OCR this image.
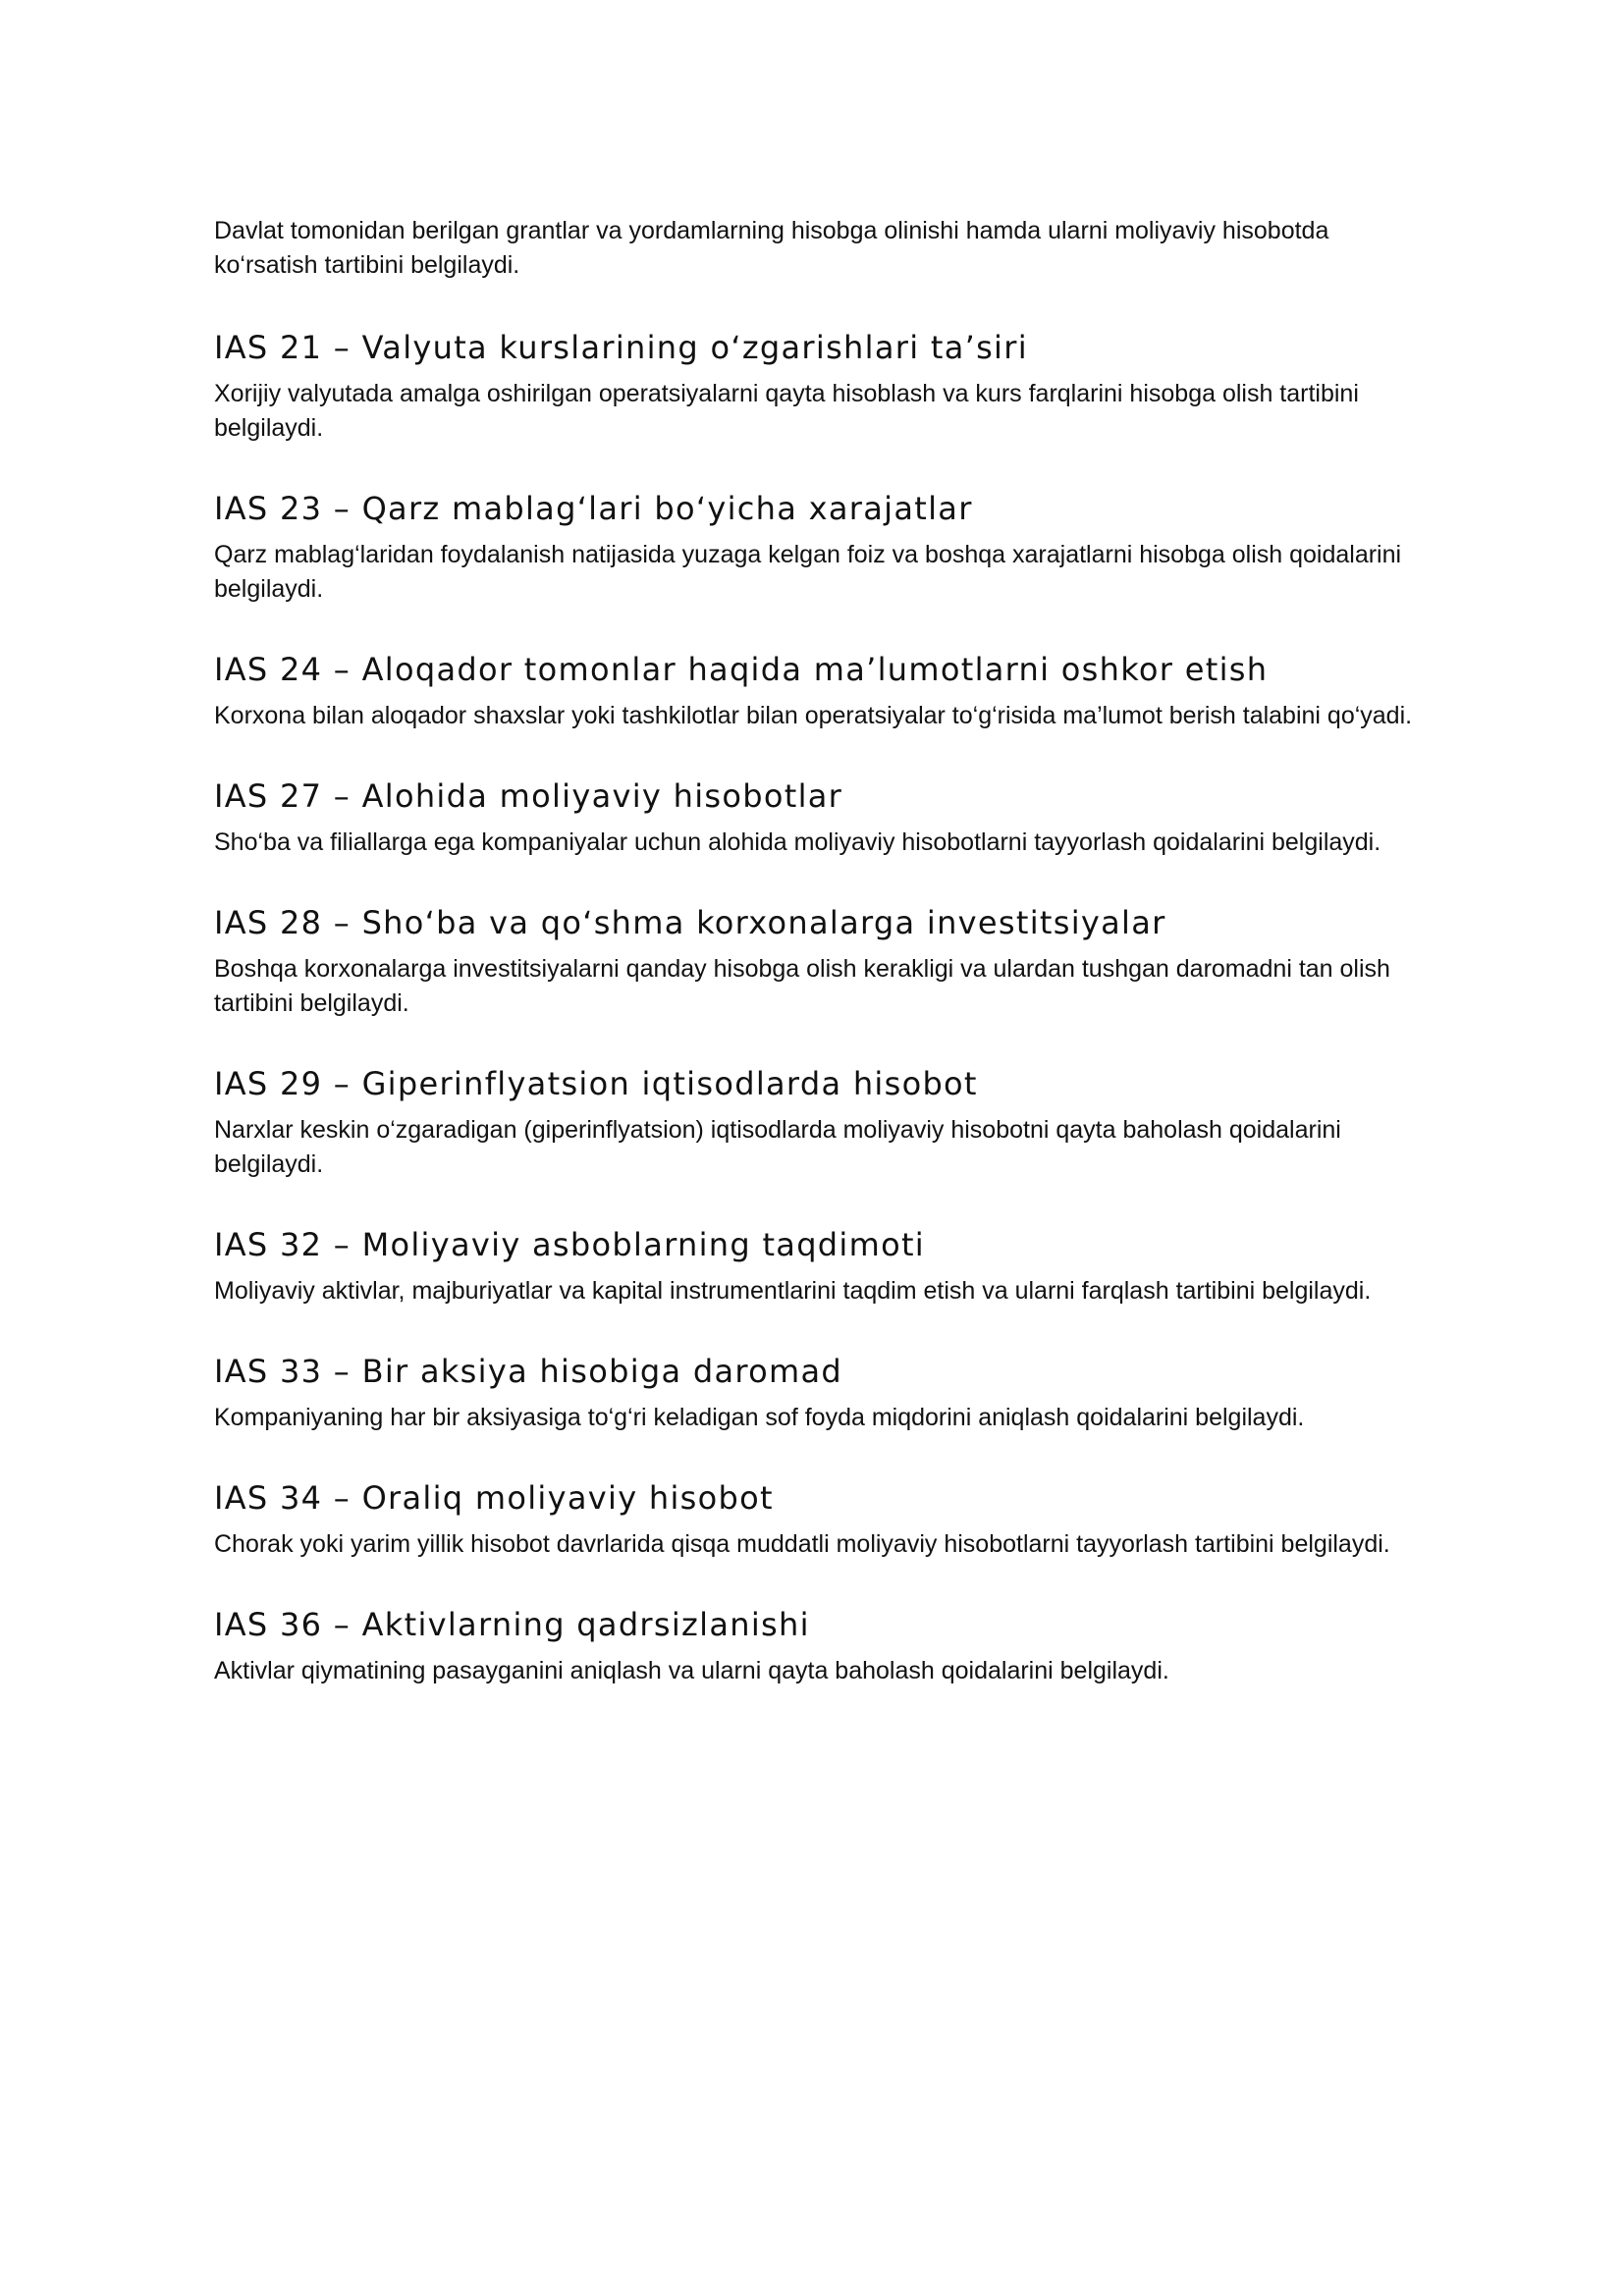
Davlat tomonidan berilgan grantlar va yordamlarning hisobga olinishi hamda ularni moliyaviy hisobotda ko‘rsatish tartibini belgilaydi.

IAS 21 – Valyuta kurslarining o‘zgarishlari ta’siri

Xorijiy valyutada amalga oshirilgan operatsiyalarni qayta hisoblash va kurs farqlarini hisobga olish tartibini belgilaydi.

IAS 23 – Qarz mablag‘lari bo‘yicha xarajatlar

Qarz mablag‘laridan foydalanish natijasida yuzaga kelgan foiz va boshqa xarajatlarni hisobga olish qoidalarini belgilaydi.

IAS 24 – Aloqador tomonlar haqida ma’lumotlarni oshkor etish

Korxona bilan aloqador shaxslar yoki tashkilotlar bilan operatsiyalar to‘g‘risida ma’lumot berish talabini qo‘yadi.

IAS 27 – Alohida moliyaviy hisobotlar

Sho‘ba va filiallarga ega kompaniyalar uchun alohida moliyaviy hisobotlarni tayyorlash qoidalarini belgilaydi.

IAS 28 – Sho‘ba va qo‘shma korxonalarga investitsiyalar

Boshqa korxonalarga investitsiyalarni qanday hisobga olish kerakligi va ulardan tushgan daromadni tan olish tartibini belgilaydi.

IAS 29 – Giperinflyatsion iqtisodlarda hisobot

Narxlar keskin o‘zgaradigan (giperinflyatsion) iqtisodlarda moliyaviy hisobotni qayta baholash qoidalarini belgilaydi.

IAS 32 – Moliyaviy asboblarning taqdimoti

Moliyaviy aktivlar, majburiyatlar va kapital instrumentlarini taqdim etish va ularni farqlash tartibini belgilaydi.

IAS 33 – Bir aksiya hisobiga daromad

Kompaniyaning har bir aksiyasiga to‘g‘ri keladigan sof foyda miqdorini aniqlash qoidalarini belgilaydi.

IAS 34 – Oraliq moliyaviy hisobot

Chorak yoki yarim yillik hisobot davrlarida qisqa muddatli moliyaviy hisobotlarni tayyorlash tartibini belgilaydi.

IAS 36 – Aktivlarning qadrsizlanishi

Aktivlar qiymatining pasayganini aniqlash va ularni qayta baholash qoidalarini belgilaydi.
